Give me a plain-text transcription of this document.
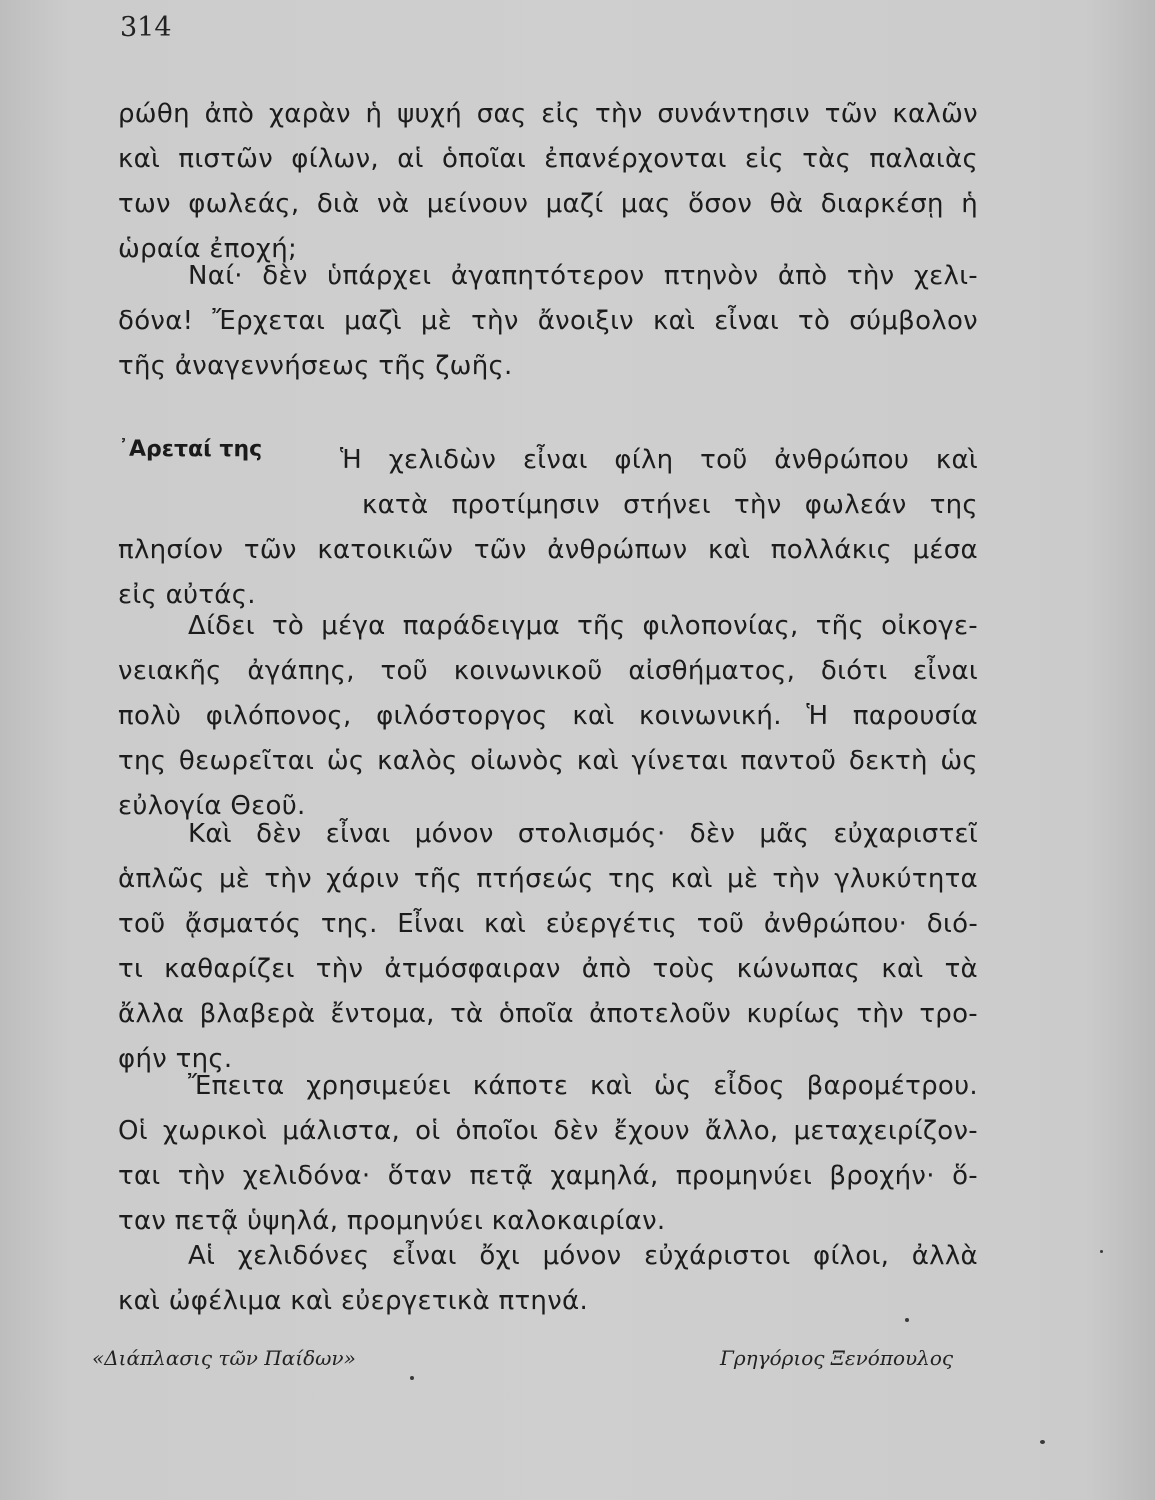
314
ρώθη ἀπὸ χαρὰν ἡ ψυχή σας εἰς τὴν συνάντησιν τῶν καλῶν
καὶ πιστῶν φίλων, αἱ ὁποῖαι ἐπανέρχονται εἰς τὰς παλαιὰς
των φωλεάς, διὰ νὰ μείνουν μαζί μας ὅσον θὰ διαρκέσῃ ἡ
ὡραία ἐποχή;
Ναί· δὲν ὑπάρχει ἀγαπητότερον πτηνὸν ἀπὸ τὴν χελι-
δόνα! Ἔρχεται μαζὶ μὲ τὴν ἄνοιξιν καὶ εἶναι τὸ σύμβολον
τῆς ἀναγεννήσεως τῆς ζωῆς.
᾿Αρεταί της	Ἡ χελιδὼν εἶναι φίλη τοῦ ἀνθρώπου καὶ
κατὰ προτίμησιν στήνει τὴν φωλεάν της
πλησίον τῶν κατοικιῶν τῶν ἀνθρώπων καὶ πολλάκις μέσα
εἰς αὐτάς.
Δίδει τὸ μέγα παράδειγμα τῆς φιλοπονίας, τῆς οἰκογε-
νειακῆς ἀγάπης, τοῦ κοινωνικοῦ αἰσθήματος, διότι εἶναι
πολὺ φιλόπονος, φιλόστοργος καὶ κοινωνική. Ἡ παρουσία
της θεωρεῖται ὡς καλὸς οἰωνὸς καὶ γίνεται παντοῦ δεκτὴ ὡς
εὐλογία Θεοῦ.
Καὶ δὲν εἶναι μόνον στολισμός· δὲν μᾶς εὐχαριστεῖ
ἁπλῶς μὲ τὴν χάριν τῆς πτήσεώς της καὶ μὲ τὴν γλυκύτητα
τοῦ ᾄσματός της. Εἶναι καὶ εὐεργέτις τοῦ ἀνθρώπου· διό-
τι καθαρίζει τὴν ἀτμόσφαιραν ἀπὸ τοὺς κώνωπας καὶ τὰ
ἄλλα βλαβερὰ ἔντομα, τὰ ὁποῖα ἀποτελοῦν κυρίως τὴν τρο-
φήν της.
Ἔπειτα χρησιμεύει κάποτε καὶ ὡς εἶδος βαρομέτρου.
Οἱ χωρικοὶ μάλιστα, οἱ ὁποῖοι δὲν ἔχουν ἄλλο, μεταχειρίζον-
ται τὴν χελιδόνα· ὅταν πετᾷ χαμηλά, προμηνύει βροχήν· ὅ-
ταν πετᾷ ὑψηλά, προμηνύει καλοκαιρίαν.
Αἱ χελιδόνες εἶναι ὄχι μόνον εὐχάριστοι φίλοι, ἀλλὰ
καὶ ὠφέλιμα καὶ εὐεργετικὰ πτηνά.
«Διάπλασις τῶν Παίδων»	Γρηγόριος Ξενόπουλος
